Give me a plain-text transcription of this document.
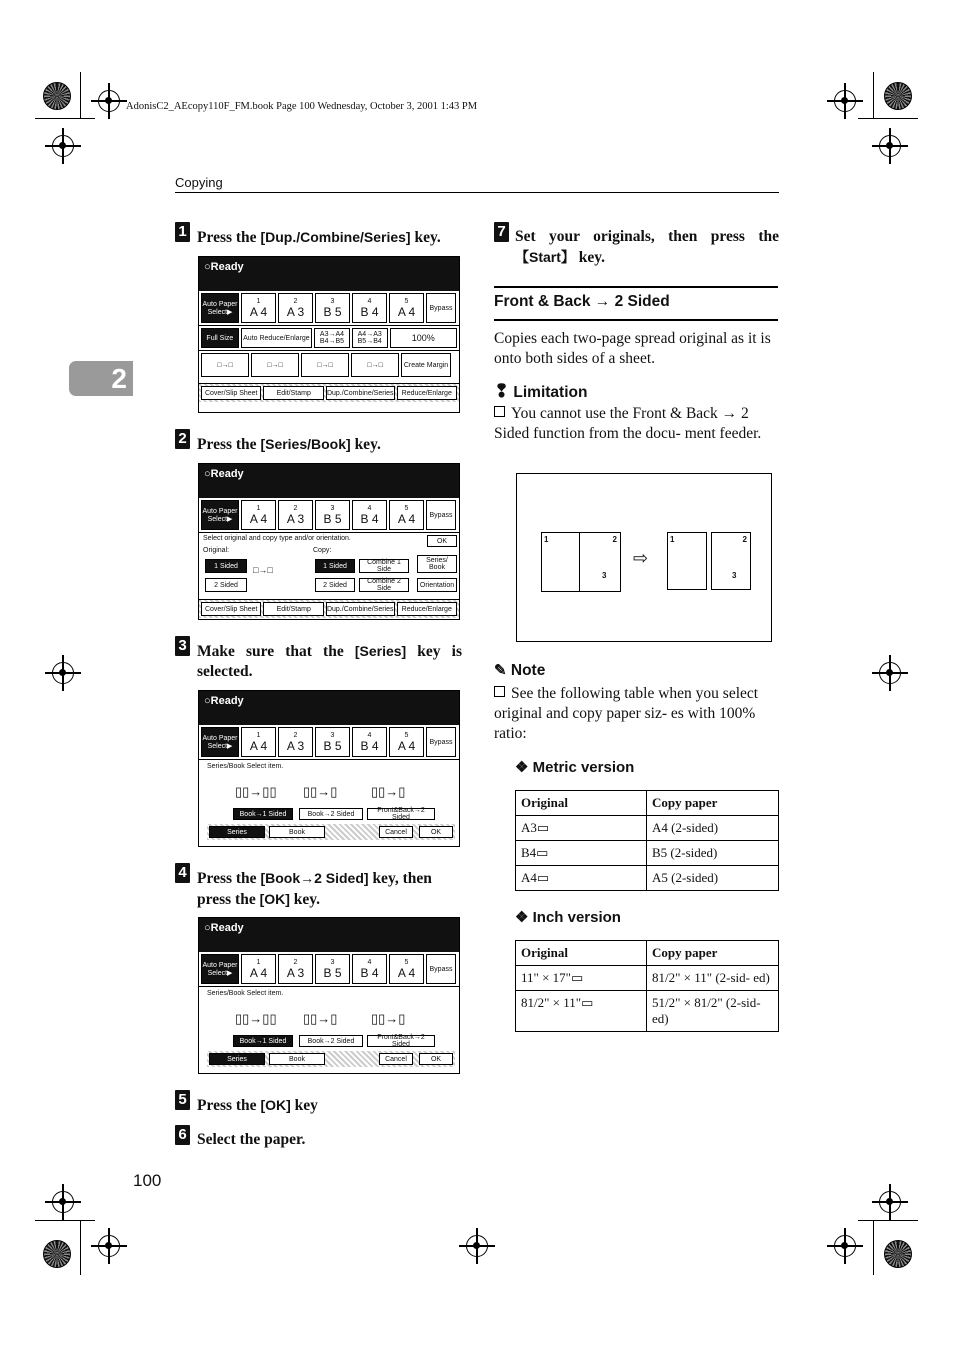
AdonisC2_AEcopy110F_FM.book Page 100 Wednesday, October 3, 2001 1:43 PM
Copying
2
1 Press the [Dup./Combine/Series] key.
○Ready
Auto Paper Select▶
1
A 4
2
A 3
3
B 5
4
B 4
5
A 4	Bypass
Full Size	Auto Reduce/Enlarge	A3→A4 B4→B5
A4→A3 B5→B4	100%
□→□	□→□	□→□	□→□	Create Margin
Cover/Slip Sheet	Edit/Stamp	Dup./Combine/Series	Reduce/Enlarge
2 Press the [Series/Book] key.
○Ready
Auto Paper Select▶
1
A 4
2
A 3
3
B 5
4
B 4
5
A 4	Bypass
Select original and copy type and/or orientation.	OK
Original:	Copy:
1 Sided
2 Sided
□→□	1 Sided
2 Sided
Combine 1 Side
Combine 2 Side
Series/ Book
Orientation
Cover/Slip Sheet	Edit/Stamp	Dup./Combine/Series	Reduce/Enlarge
3 Make sure that the [Series] key is selected.
○Ready
Auto Paper Select▶
1
A 4
2
A 3
3
B 5
4
B 4
5
A 4	Bypass
Series/Book Select item.
▯▯→▯▯ ▯▯→▯	▯▯→▯
Book→1 Sided	Book→2 Sided	Front&Back→2 Sided
Series	Book	Cancel	OK
4 Press the [Book→2 Sided] key, then press the [OK] key.
○Ready
Auto Paper Select▶
1
A 4
2
A 3
3
B 5
4
B 4
5
A 4	Bypass
Series/Book Select item.
▯▯→▯▯ ▯▯→▯	▯▯→▯
Book→1 Sided	Book→2 Sided	Front&Back→2 Sided
Series	Book	Cancel	OK
5 Press the [OK] key
6 Select the paper.
100
7 Set your originals, then press the 【Start】 key.
Front & Back → 2 Sided
Copies each two-page spread original as it is onto both sides of a sheet.
❢ Limitation
You cannot use the Front & Back → 2 Sided function from the docu- ment feeder.
1	2
3
⇨
1	2
3
✎ Note
See the following table when you select original and copy paper siz- es with 100% ratio:
❖ Metric version
Original	Copy paper
A3▭	A4 (2-sided)
B4▭	B5 (2-sided)
A4▭	A5 (2-sided)
❖ Inch version
Original	Copy paper
11" × 17"▭	81/2" × 11" (2-sid- ed)
81/2" × 11"▭	51/2" × 81/2" (2-sid- ed)
